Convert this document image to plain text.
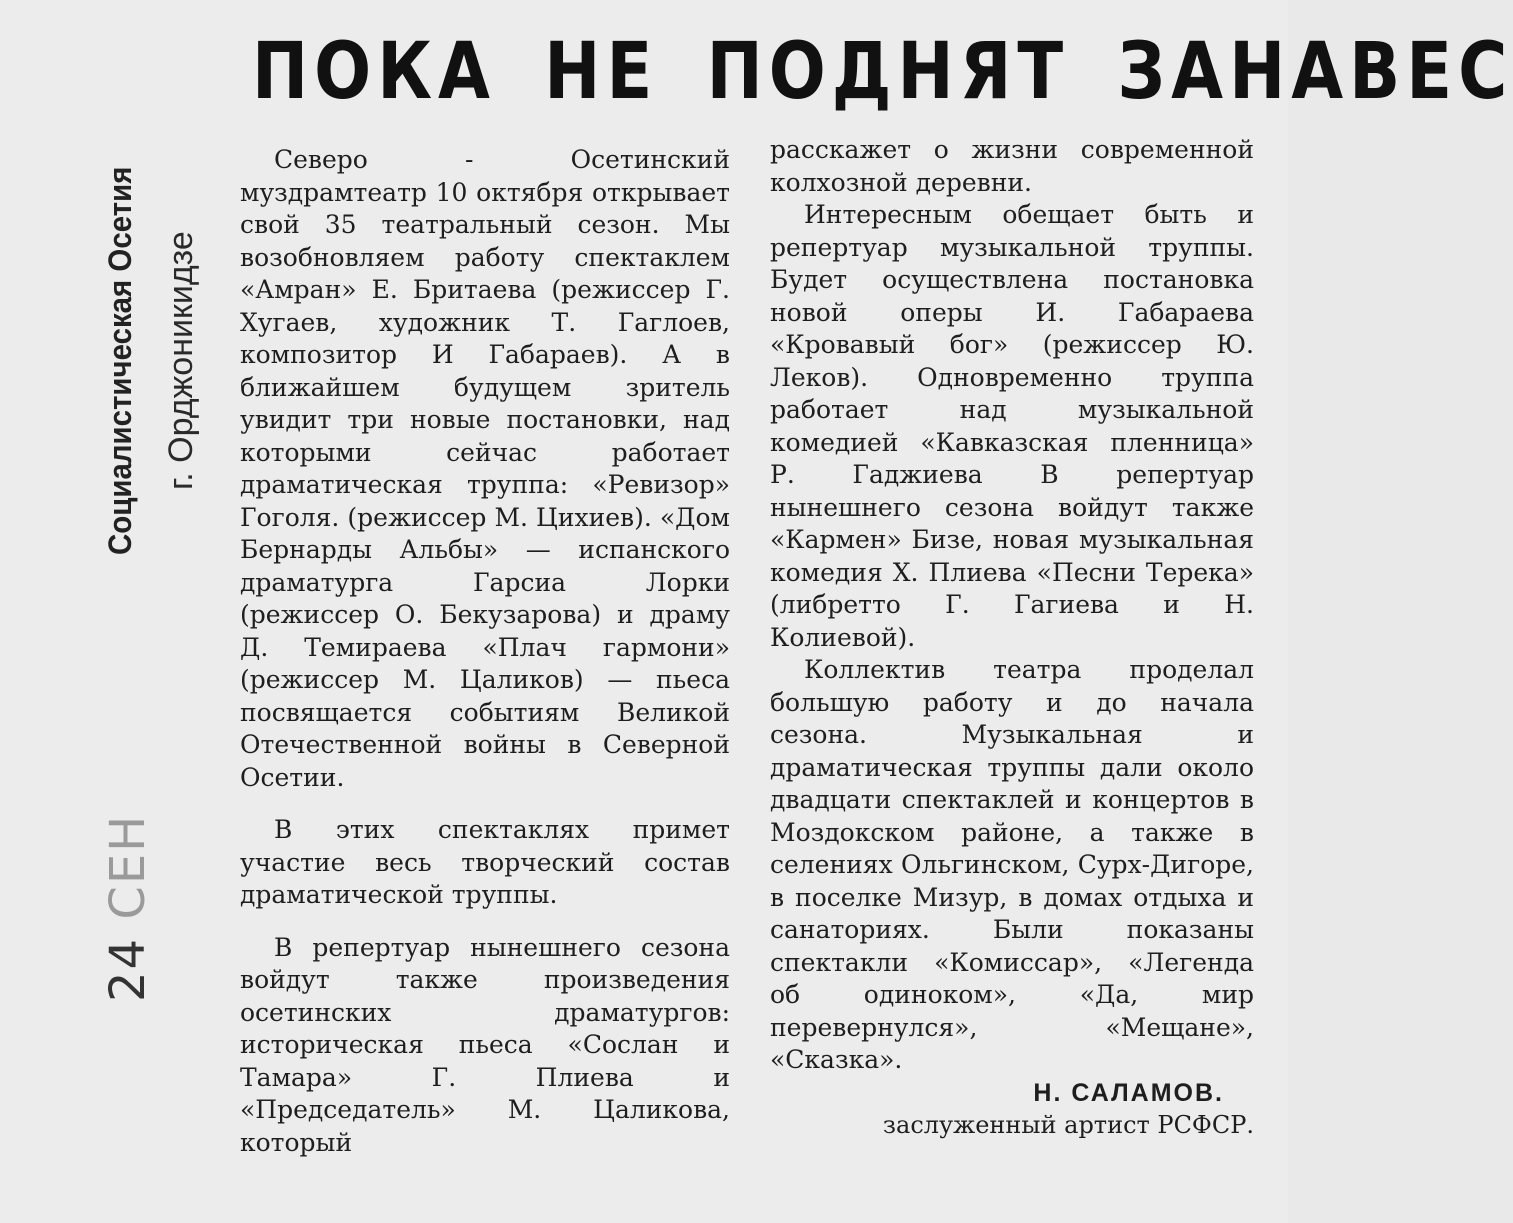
Социалистическая Осетия г. Орджоникидзе
24 СЕН
ПОКА НЕ ПОДНЯТ ЗАНАВЕС

Северо - Осетинский муздрамтеатр 10 октября открывает свой 35 театральный сезон. Мы возобновляем работу спектаклем «Амран» Е. Бритаева (режиссер Г. Хугаев, художник Т. Гаглоев, композитор И Габараев). А в ближайшем будущем зритель увидит три новые постановки, над которыми сейчас работает драматическая труппа: «Ревизор» Гоголя. (режиссер М. Цихиев). «Дом Бернарды Альбы» — испанского драматурга Гарсиа Лорки (режиссер О. Бекузарова) и драму Д. Темираева «Плач гармони» (режиссер М. Цаликов) — пьеса посвящается событиям Великой Отечественной войны в Северной Осетии.

В этих спектаклях примет участие весь творческий состав драматической труппы.

В репертуар нынешнего сезона войдут также произведения осетинских драматургов: историческая пьеса «Сослан и Тамара» Г. Плиева и «Председатель» М. Цаликова, который

расскажет о жизни современной колхозной деревни.

Интересным обещает быть и репертуар музыкальной труппы. Будет осуществлена постановка новой оперы И. Габараева «Кровавый бог» (режиссер Ю. Леков). Одновременно труппа работает над музыкальной комедией «Кавказская пленница» Р. Гаджиева В репертуар нынешнего сезона войдут также «Кармен» Бизе, новая музыкальная комедия Х. Плиева «Песни Терека» (либретто Г. Гагиева и Н. Колиевой).

Коллектив театра проделал большую работу и до начала сезона. Музыкальная и драматическая труппы дали около двадцати спектаклей и концертов в Моздокском районе, а также в селениях Ольгинском, Сурх-Дигоре, в поселке Мизур, в домах отдыха и санаториях. Были показаны спектакли «Комиссар», «Легенда об одиноком», «Да, мир перевернулся», «Мещане», «Сказка».

Н. САЛАМОВ.

заслуженный артист РСФСР.
